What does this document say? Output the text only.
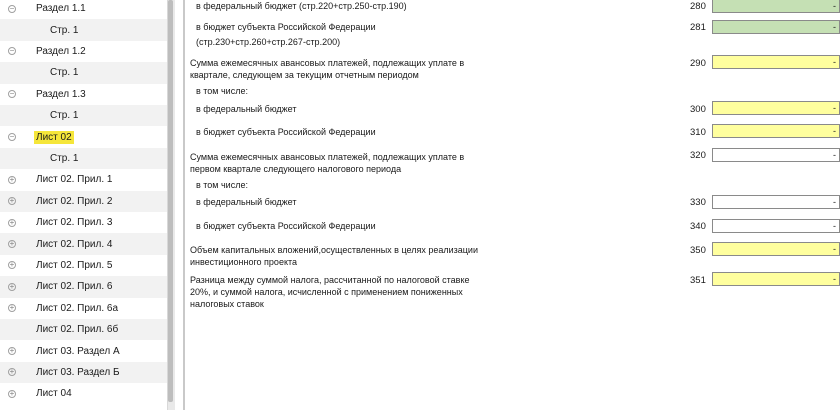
− Раздел 1.1
Стр. 1
− Раздел 1.2
Стр. 1
− Раздел 1.3
Стр. 1
− Лист 02
Стр. 1
+ Лист 02. Прил. 1
+ Лист 02. Прил. 2
+ Лист 02. Прил. 3
+ Лист 02. Прил. 4
+ Лист 02. Прил. 5
+ Лист 02. Прил. 6
+ Лист 02. Прил. 6а
Лист 02. Прил. 6б
+ Лист 03. Раздел А
+ Лист 03. Раздел Б
+ Лист 04
в федеральный бюджет (стр.220+стр.250-стр.190)	280	-
в бюджет субъекта Российской Федерации
(стр.230+стр.260+стр.267-стр.200)
281	-
Сумма ежемесячных авансовых платежей, подлежащих уплате в
квартале, следующем за текущим отчетным периодом
290	-
в том числе:
в федеральный бюджет	300	-
в бюджет субъекта Российской Федерации	310	-
Сумма ежемесячных авансовых платежей, подлежащих уплате в
первом квартале следующего налогового периода
320	-
в том числе:
в федеральный бюджет	330	-
в бюджет субъекта Российской Федерации	340	-
Объем капитальных вложений,осуществленных в целях реализации
инвестиционного проекта
350	-
Разница между суммой налога, рассчитанной по налоговой ставке
20%, и суммой налога, исчисленной с применением пониженных
налоговых ставок
351	-
